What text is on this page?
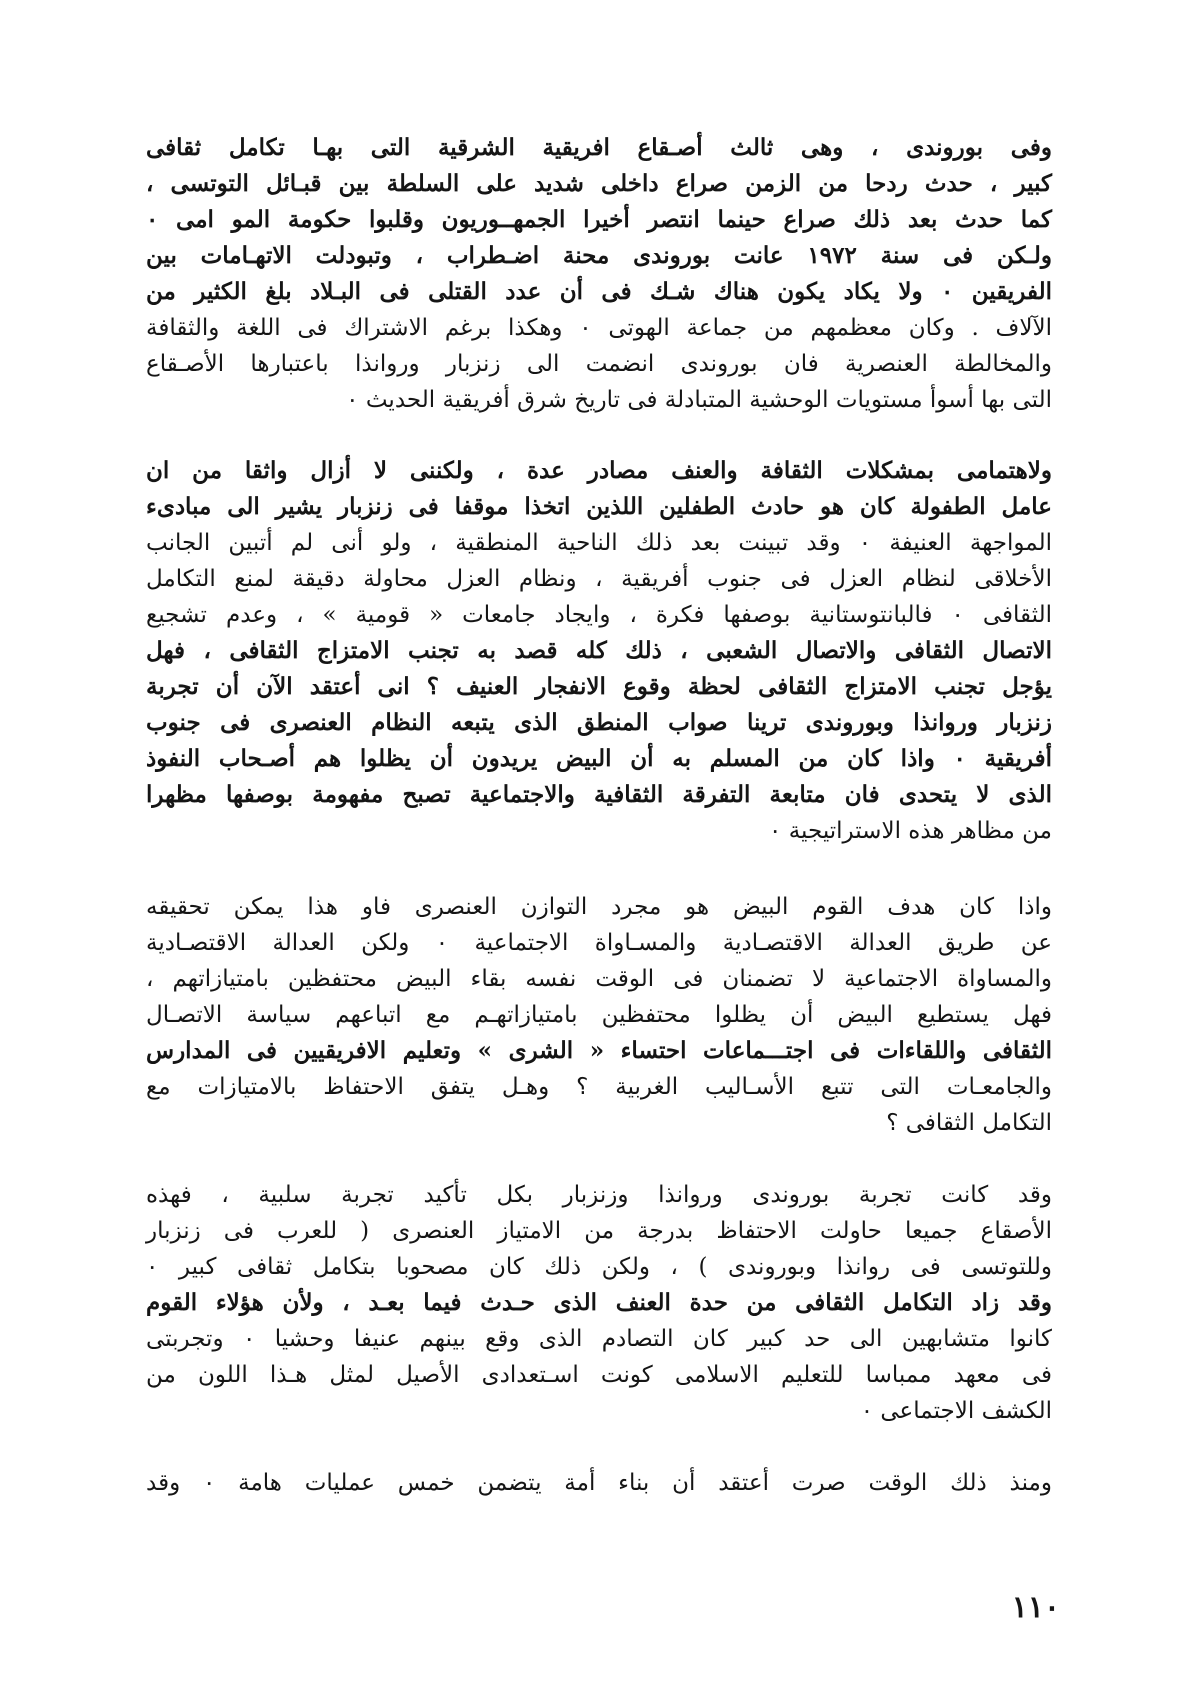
وفى بوروندى ، وهى ثالث أصـقاع افريقية الشرقية التى بهـا تكامل ثقافى
كبير ، حدث ردحا من الزمن صراع داخلى شديد على السلطة بين قبـائل التوتسى ،
كما حدث بعد ذلك صراع حينما انتصر أخيرا الجمهــوريون وقلبوا حكومة المو امى ٠
ولـكن فى سنة ١٩٧٢ عانت بوروندى محنة اضـطراب ، وتبودلت الاتهـامات بين
الفريقين ٠ ولا يكاد يكون هناك شـك فى أن عدد القتلى فى البـلاد بلغ الكثير من
الآلاف . وكان معظمهم من جماعة الهوتى ٠ وهكذا برغم الاشتراك فى اللغة والثقافة
والمخالطة العنصرية فان بوروندى انضمت الى زنزبار وروانذا باعتبارها الأصـقاع
التى بها أسوأ مستويات الوحشية المتبادلة فى تاريخ شرق أفريقية الحديث ٠
ولاهتمامى بمشكلات الثقافة والعنف مصادر عدة ، ولكننى لا أزال واثقا من ان
عامل الطفولة كان هو حادث الطفلين اللذين اتخذا موقفا فى زنزبار يشير الى مبادىء
المواجهة العنيفة ٠ وقد تبينت بعد ذلك الناحية المنطقية ، ولو أنى لم أتبين الجانب
الأخلاقى لنظام العزل فى جنوب أفريقية ، ونظام العزل محاولة دقيقة لمنع التكامل
الثقافى ٠ فالبانتوستانية بوصفها فكرة ، وايجاد جامعات « قومية » ، وعدم تشجيع
الاتصال الثقافى والاتصال الشعبى ، ذلك كله قصد به تجنب الامتزاج الثقافى ، فهل
يؤجل تجنب الامتزاج الثقافى لحظة وقوع الانفجار العنيف ؟ انى أعتقد الآن أن تجربة
زنزبار وروانذا وبوروندى ترينا صواب المنطق الذى يتبعه النظام العنصرى فى جنوب
أفريقية ٠ واذا كان من المسلم به أن البيض يريدون أن يظلوا هم أصـحاب النفوذ
الذى لا يتحدى فان متابعة التفرقة الثقافية والاجتماعية تصبح مفهومة بوصفها مظهرا
من مظاهر هذه الاستراتيجية ٠
واذا كان هدف القوم البيض هو مجرد التوازن العنصرى فاو هذا يمكن تحقيقه
عن طريق العدالة الاقتصـادية والمسـاواة الاجتماعية ٠ ولكن العدالة الاقتصـادية
والمساواة الاجتماعية لا تضمنان فى الوقت نفسه بقاء البيض محتفظين بامتيازاتهم ،
فهل يستطيع البيض أن يظلوا محتفظين بامتيازاتهـم مع اتباعهم سياسة الاتصـال
الثقافى واللقاءات فى اجتـــماعات احتساء « الشرى » وتعليم الافريقيين فى المدارس
والجامعـات التى تتبع الأسـاليب الغربية ؟ وهـل يتفق الاحتفاظ بالامتيازات مع
التكامل الثقافى ؟
وقد كانت تجربة بوروندى وروانذا وزنزبار بكل تأكيد تجربة سلبية ، فهذه
الأصقاع جميعا حاولت الاحتفاظ بدرجة من الامتياز العنصرى ( للعرب فى زنزبار
وللتوتسى فى روانذا وبوروندى ) ، ولكن ذلك كان مصحوبا بتكامل ثقافى كبير ٠
وقد زاد التكامل الثقافى من حدة العنف الذى حـدث فيما بعـد ، ولأن هؤلاء القوم
كانوا متشابهين الى حد كبير كان التصادم الذى وقع بينهم عنيفا وحشيا ٠ وتجربتى
فى معهد ممباسا للتعليم الاسلامى كونت اسـتعدادى الأصيل لمثل هـذا اللون من
الكشف الاجتماعى ٠
ومنذ ذلك الوقت صرت أعتقد أن بناء أمة يتضمن خمس عمليات هامة ٠ وقد
١١٠
